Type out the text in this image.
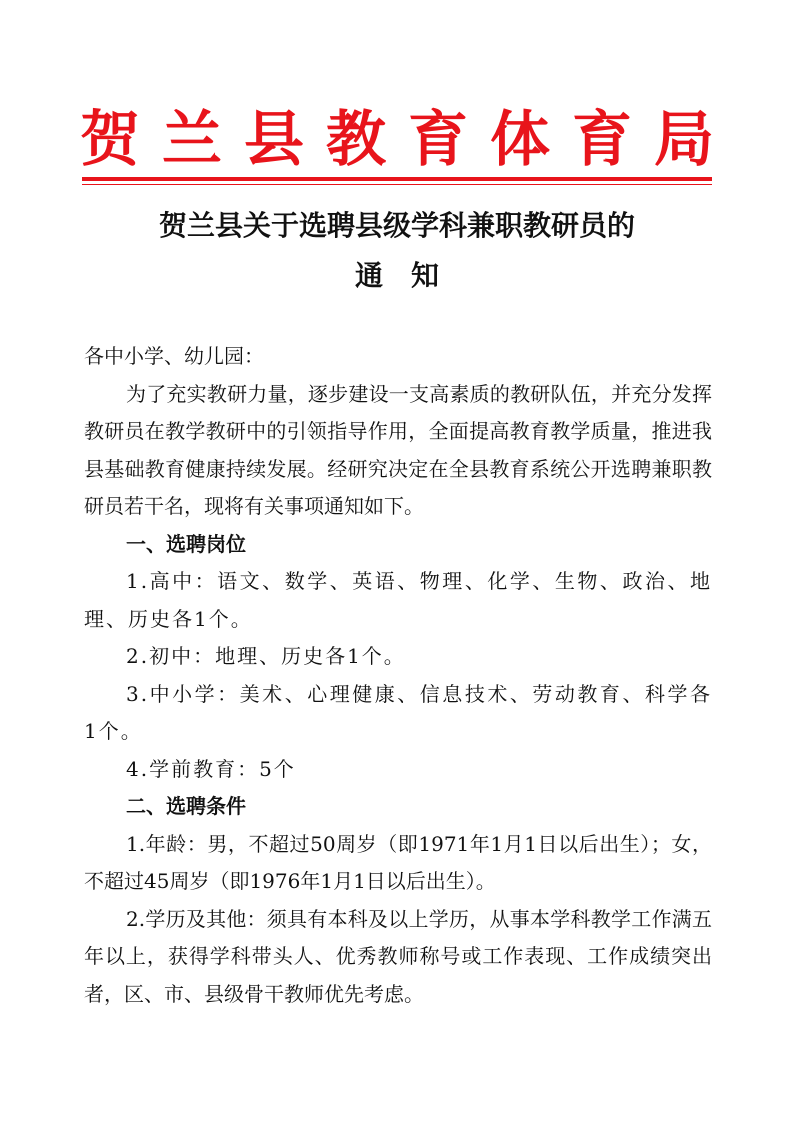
贺 兰 县 教 育 体 育 局
贺兰县关于选聘县级学科兼职教研员的
通知

各中小学、幼儿园：

为了充实教研力量，逐步建设一支高素质的教研队伍，并充分发挥教研员在教学教研中的引领指导作用，全面提高教育教学质量，推进我县基础教育健康持续发展。经研究决定在全县教育系统公开选聘兼职教研员若干名，现将有关事项通知如下。

一、选聘岗位

1.高中：语文、数学、英语、物理、化学、生物、政治、地理、历史各1个。

2.初中：地理、历史各1个。

3.中小学：美术、心理健康、信息技术、劳动教育、科学各1个。

4.学前教育：5个

二、选聘条件

1.年龄：男，不超过50周岁（即1971年1月1日以后出生）；女，不超过45周岁（即1976年1月1日以后出生）。

2.学历及其他：须具有本科及以上学历，从事本学科教学工作满五年以上，获得学科带头人、优秀教师称号或工作表现、工作成绩突出者，区、市、县级骨干教师优先考虑。
